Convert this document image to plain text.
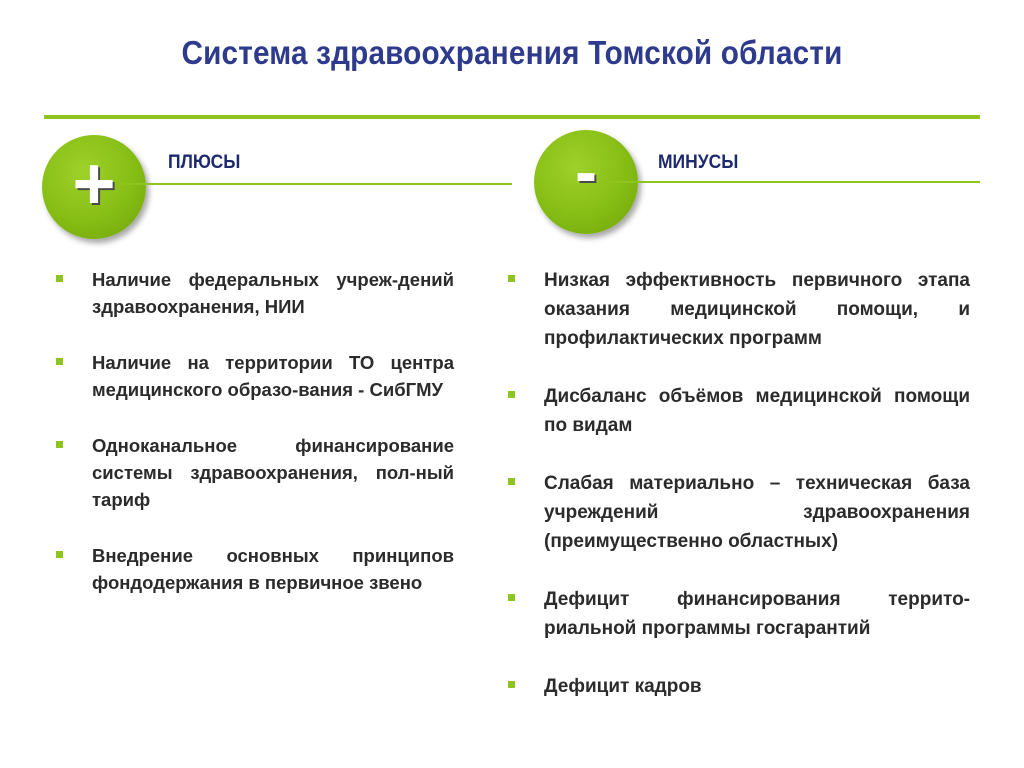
Система здравоохранения Томской области
+	ПЛЮСЫ
Наличие федеральных учреж-дений здравоохранения, НИИ
Наличие на территории ТО центра медицинского образо-вания - СибГМУ
Одноканальное финансирование системы здравоохранения, пол-ный тариф
Внедрение основных принципов фондодержания в первичное звено
-	МИНУСЫ
Низкая эффективность первичного этапа оказания медицинской помощи, и профилактических программ
Дисбаланс объёмов медицинской помощи по видам
Слабая материально – техническая база учреждений здравоохранения (преимущественно областных)
Дефицит финансирования террито-риальной программы госгарантий
Дефицит кадров
